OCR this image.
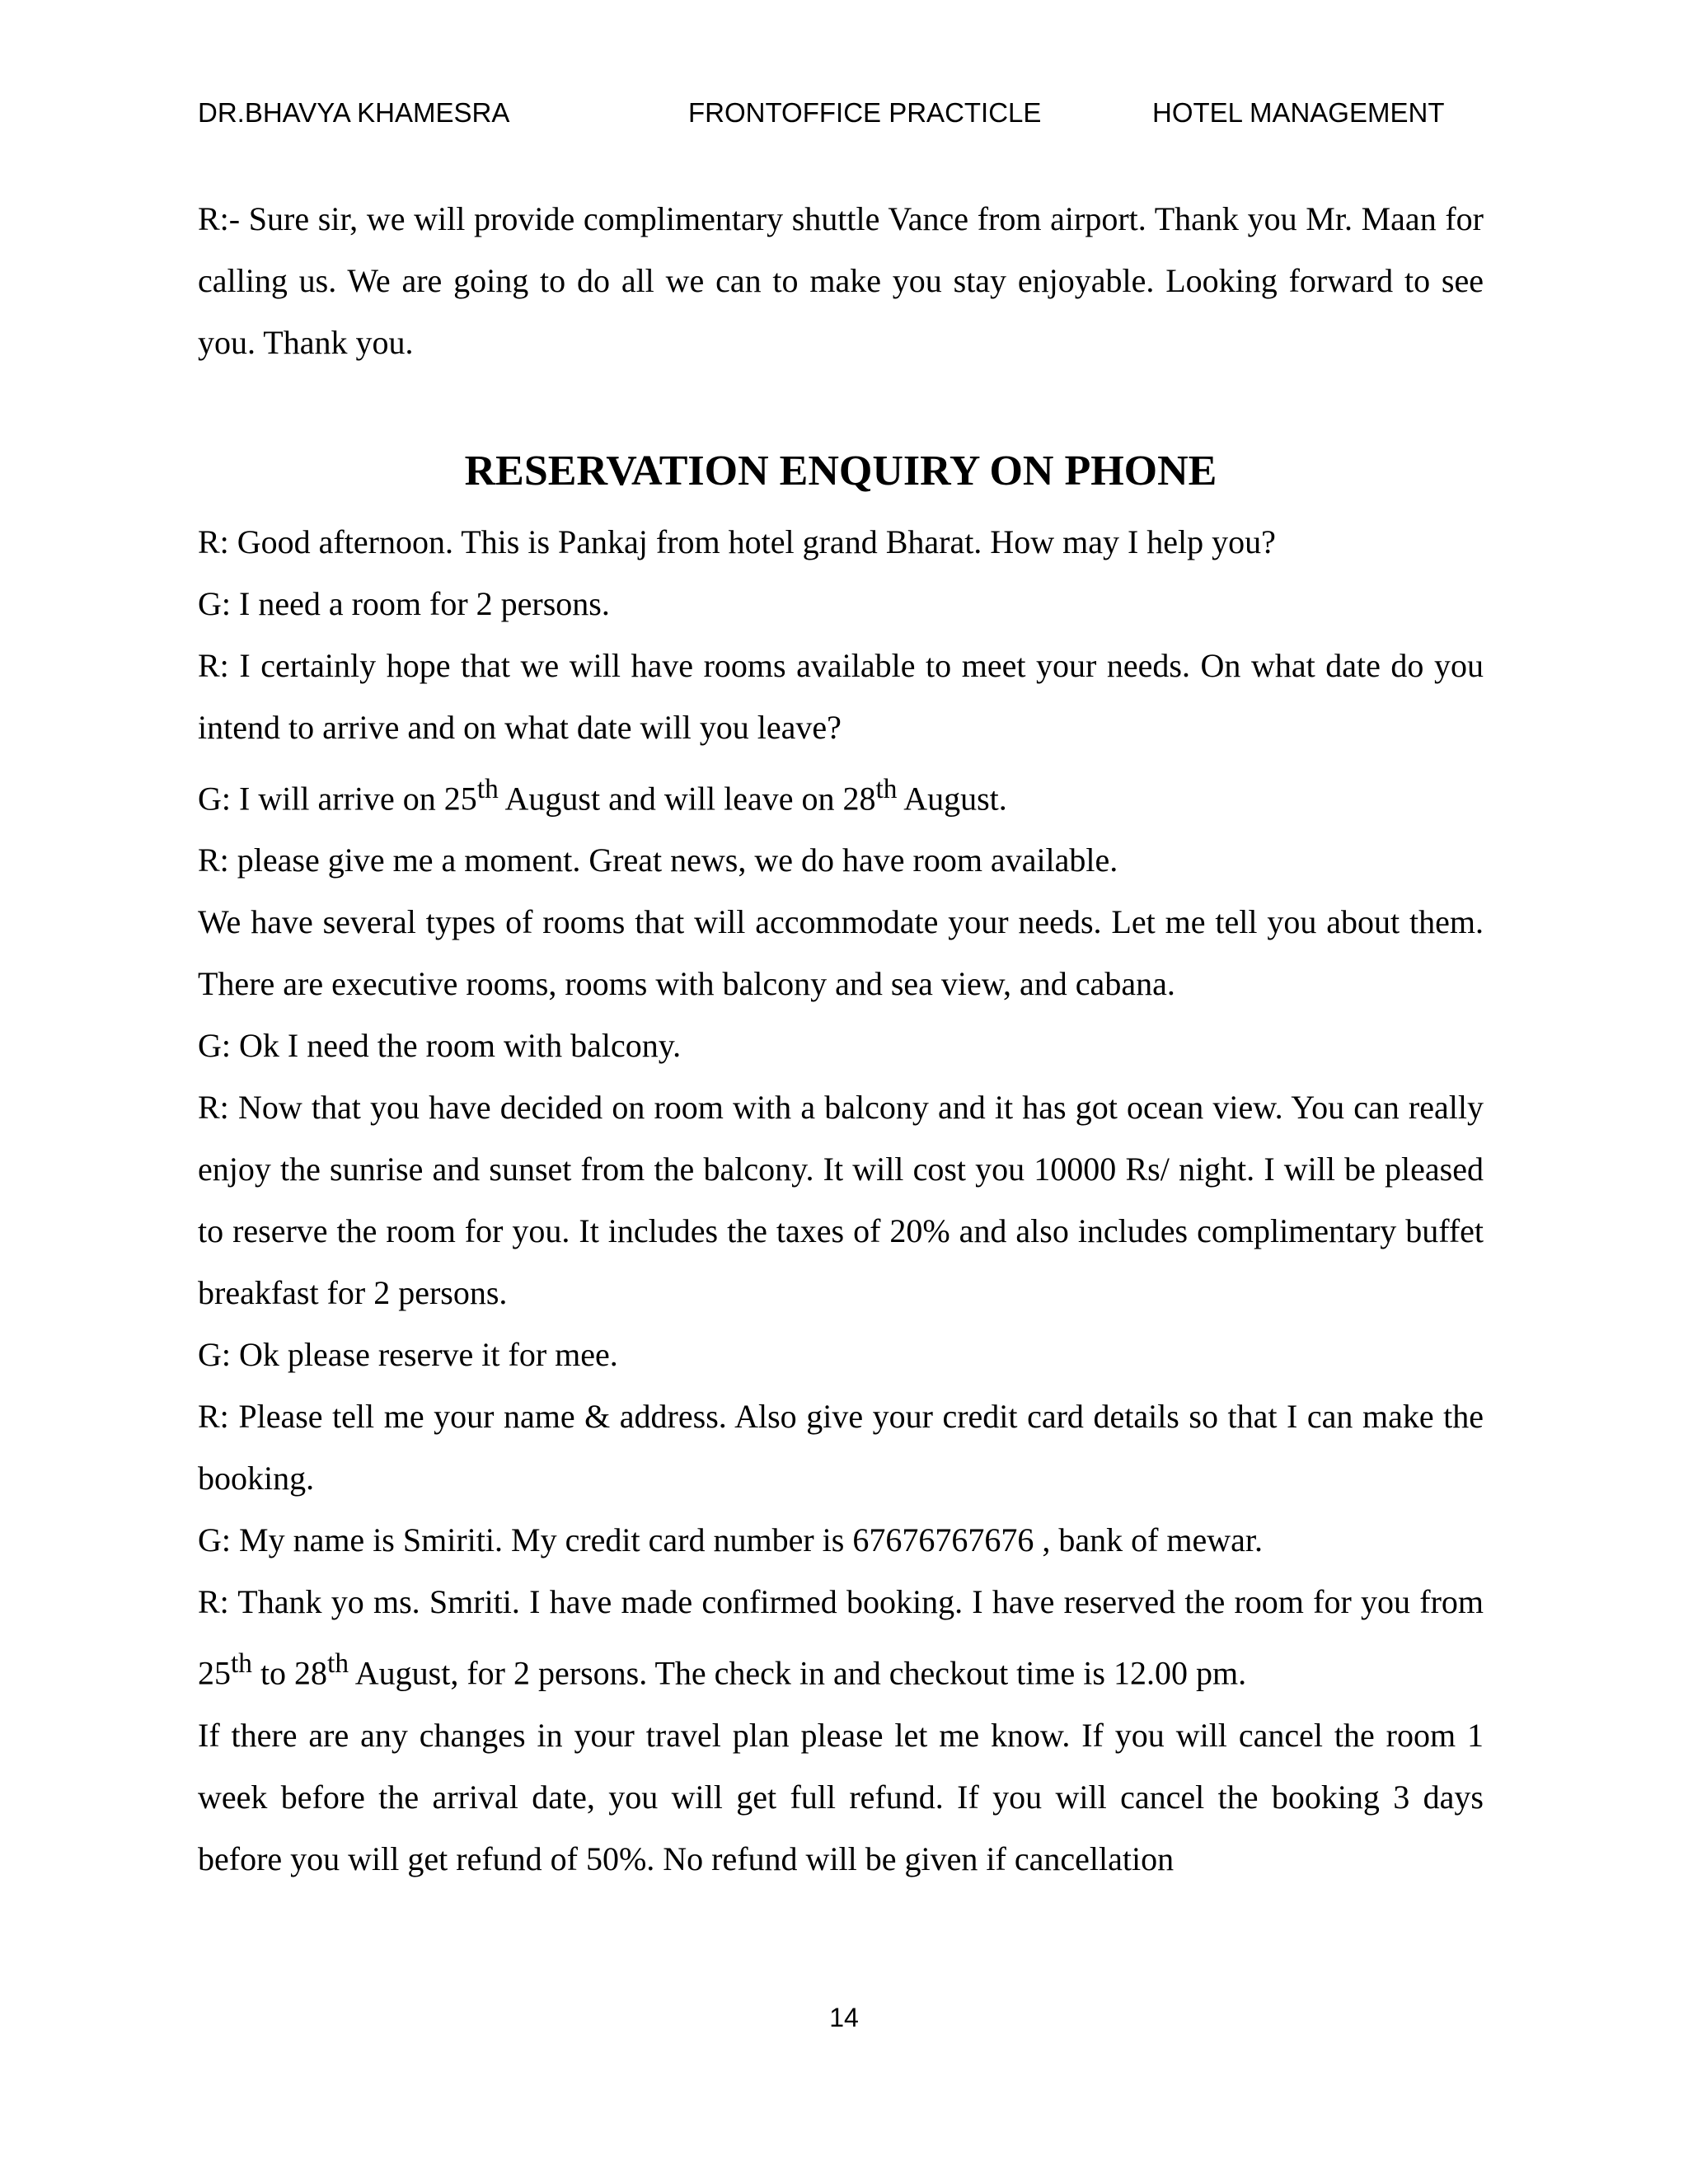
DR.BHAVYA KHAMESRA	FRONTOFFICE PRACTICLE	HOTEL MANAGEMENT

R:- Sure sir, we will provide complimentary shuttle Vance from airport. Thank you Mr. Maan for calling us. We are going to do all we can to make you stay enjoyable. Looking forward to see you. Thank you.

RESERVATION ENQUIRY ON PHONE

R: Good afternoon. This is Pankaj from hotel grand Bharat. How may I help you?

G: I need a room for 2 persons.

R: I certainly hope that we will have rooms available to meet your needs. On what date do you intend to arrive and on what date will you leave?

G: I will arrive on 25th August and will leave on 28th August.

R: please give me a moment. Great news, we do have room available.

We have several types of rooms that will accommodate your needs. Let me tell you about them. There are executive rooms, rooms with balcony and sea view, and cabana.

G: Ok I need the room with balcony.

R: Now that you have decided on room with a balcony and it has got ocean view. You can really enjoy the sunrise and sunset from the balcony. It will cost you 10000 Rs/ night. I will be pleased to reserve the room for you. It includes the taxes of 20% and also includes complimentary buffet breakfast for 2 persons.

G: Ok please reserve it for mee.

R: Please tell me your name & address. Also give your credit card details so that I can make the booking.

G: My name is Smiriti. My credit card number is 67676767676 , bank of mewar.

R: Thank yo ms. Smriti. I have made confirmed booking. I have reserved the room for you from 25th to 28th August, for 2 persons. The check in and checkout time is 12.00 pm.

If there are any changes in your travel plan please let me know. If you will cancel the room 1 week before the arrival date, you will get full refund. If you will cancel the booking 3 days before you will get refund of 50%. No refund will be given if cancellation

14
